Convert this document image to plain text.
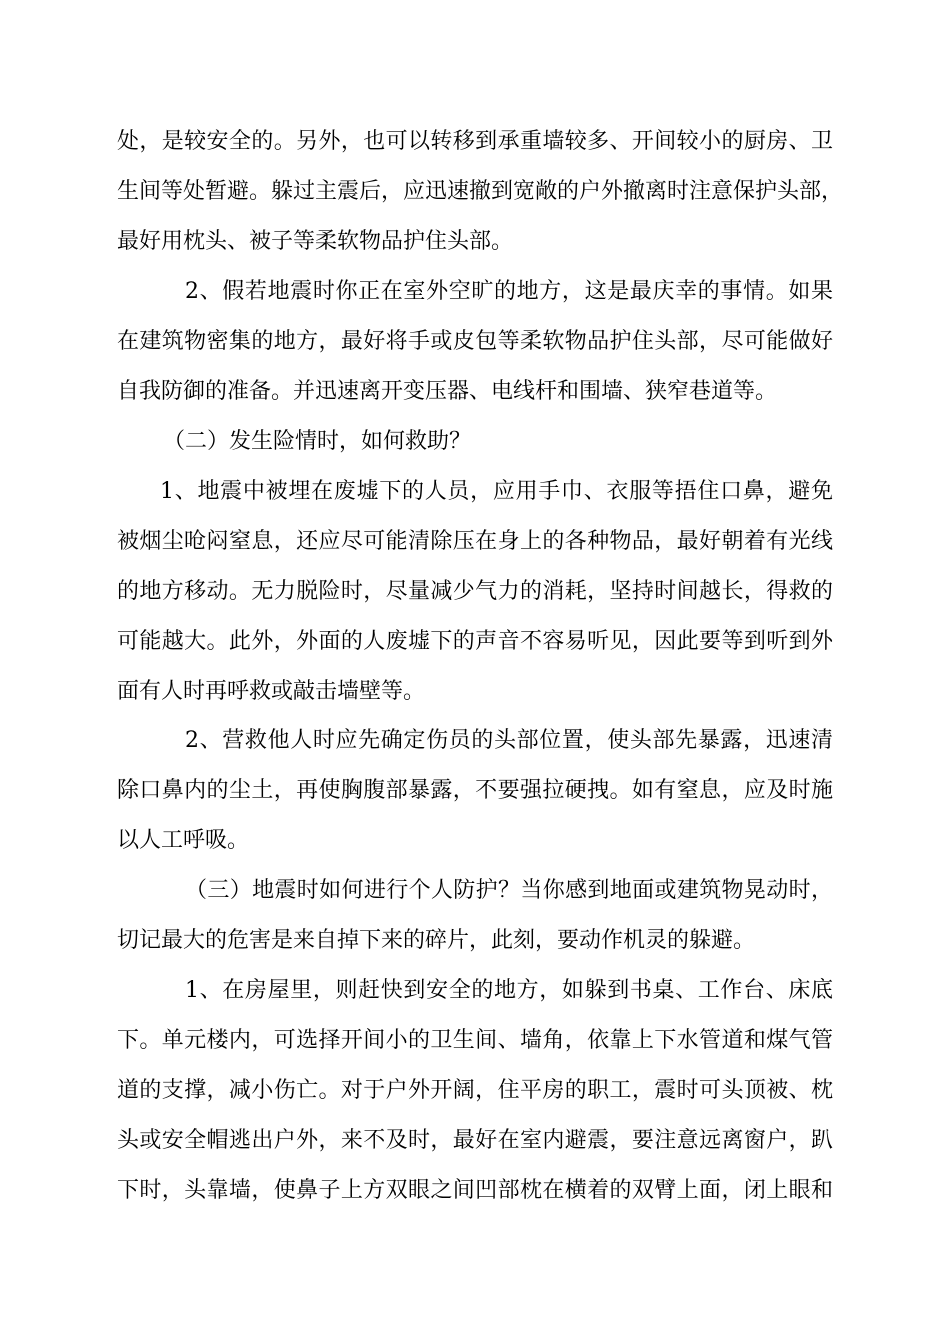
处，是较安全的。另外，也可以转移到承重墙较多、开间较小的厨房、卫
生间等处暂避。躲过主震后，应迅速撤到宽敞的户外撤离时注意保护头部，
最好用枕头、被子等柔软物品护住头部。
2、假若地震时你正在室外空旷的地方，这是最庆幸的事情。如果
在建筑物密集的地方，最好将手或皮包等柔软物品护住头部，尽可能做好
自我防御的准备。并迅速离开变压器、电线杆和围墙、狭窄巷道等。
（二）发生险情时，如何救助？
1、地震中被埋在废墟下的人员，应用手巾、衣服等捂住口鼻，避免
被烟尘呛闷窒息，还应尽可能清除压在身上的各种物品，最好朝着有光线
的地方移动。无力脱险时，尽量减少气力的消耗，坚持时间越长，得救的
可能越大。此外，外面的人废墟下的声音不容易听见，因此要等到听到外
面有人时再呼救或敲击墙壁等。
2、营救他人时应先确定伤员的头部位置，使头部先暴露，迅速清
除口鼻内的尘土，再使胸腹部暴露，不要强拉硬拽。如有窒息，应及时施
以人工呼吸。
（三）地震时如何进行个人防护？当你感到地面或建筑物晃动时，
切记最大的危害是来自掉下来的碎片，此刻，要动作机灵的躲避。
1、在房屋里，则赶快到安全的地方，如躲到书桌、工作台、床底
下。单元楼内，可选择开间小的卫生间、墙角，依靠上下水管道和煤气管
道的支撑，减小伤亡。对于户外开阔，住平房的职工，震时可头顶被、枕
头或安全帽逃出户外，来不及时，最好在室内避震，要注意远离窗户，趴
下时，头靠墙，使鼻子上方双眼之间凹部枕在横着的双臂上面，闭上眼和
